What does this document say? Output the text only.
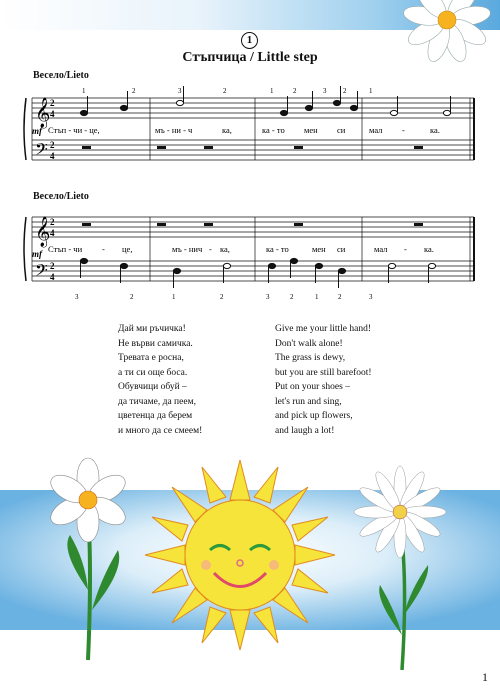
1
Стъпчица / Little step
Весело/Lieto
𝄞
𝄢
2
4
2
4
mf
1	2	3	2	1	2	3 2	1
Стъп - чи - це,	мъ - ни - ч	ка,	ка - то мен си	мал -	ка.
Весело/Lieto
𝄞
𝄢
2
4
2
4
mf Стъп - чи - це,	мъ - нич - ка,	ка - то	мен си	мал - ка.
3	2	1	2	3	2	1	2	3
Дай ми ръчичка!
Не върви самичка.
Тревата е росна,
а ти си още боса.
Обувчици обуй –
да тичаме, да пеем,
цветенца да берем
и много да се смеем!
Give me your little hand!
Don't walk alone!
The grass is dewy,
but you are still barefoot!
Put on your shoes –
let's run and sing,
and pick up flowers,
and laugh a lot!
1
